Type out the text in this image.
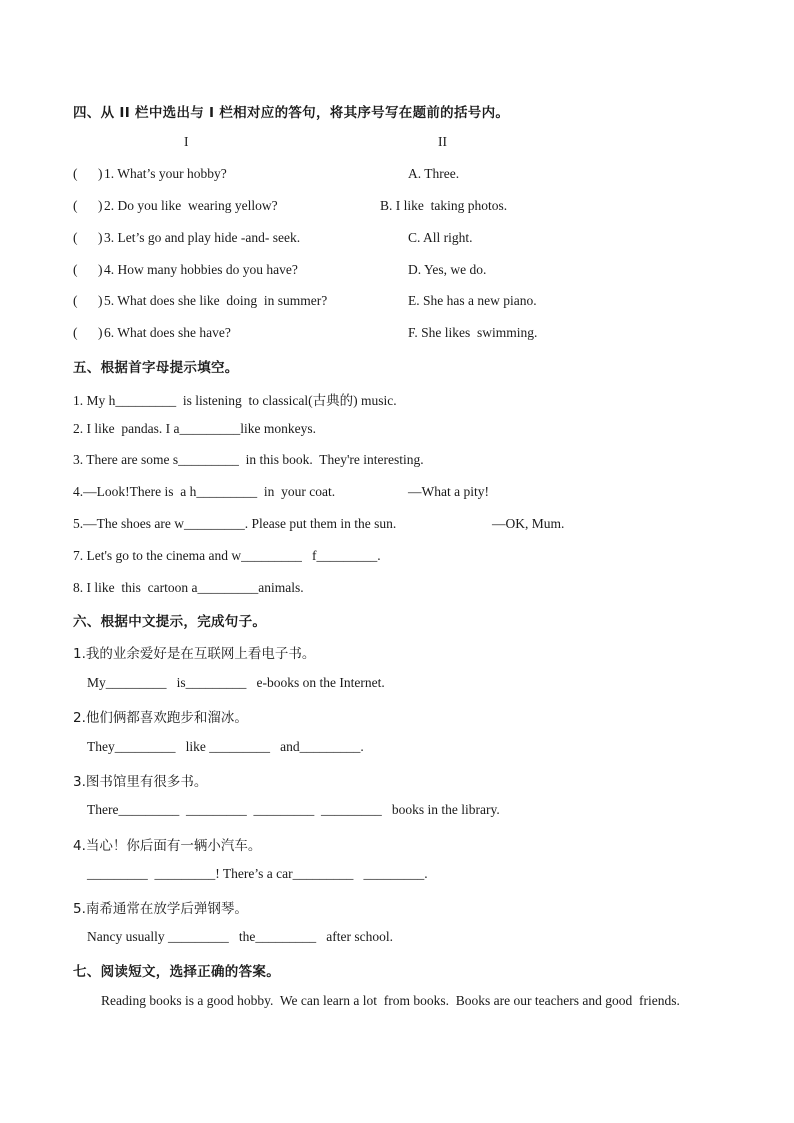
四、从 II 栏中选出与 I 栏相对应的答句，将其序号写在题前的括号内。
I	II
( ) 1. What’s your hobby?	A. Three.
( ) 2. Do you like  wearing yellow?	B. I like  taking photos.
( ) 3. Let’s go and play hide -and- seek.	C. All right.
( ) 4. How many hobbies do you have?	D. Yes, we do.
( ) 5. What does she like  doing  in summer?	E. She has a new piano.
( ) 6. What does she have?	F. She likes  swimming.
五、根据首字母提示填空。
1. My h_________  is listening  to classical(古典的) music.
2. I like  pandas. I a_________like monkeys.
3. There are some s_________  in this book.  They're interesting.
4.—Look!There is  a h_________  in  your coat.	—What a pity!
5.—The shoes are w_________. Please put them in the sun.	—OK, Mum.
7. Let's go to the cinema and w_________   f_________.
8. I like  this  cartoon a_________animals.
六、根据中文提示，完成句子。
1.我的业余爱好是在互联网上看电子书。
My_________   is_________   e-books on the Internet.
2.他们俩都喜欢跑步和溜冰。
They_________   like _________   and_________.
3.图书馆里有很多书。
There_________  _________  _________  _________   books in the library.
4.当心！你后面有一辆小汽车。
_________  _________! There’s a car_________   _________.
5.南希通常在放学后弹钢琴。
Nancy usually _________   the_________   after school.
七、阅读短文，选择正确的答案。
Reading books is a good hobby.  We can learn a lot  from books.  Books are our teachers and good  friends.
